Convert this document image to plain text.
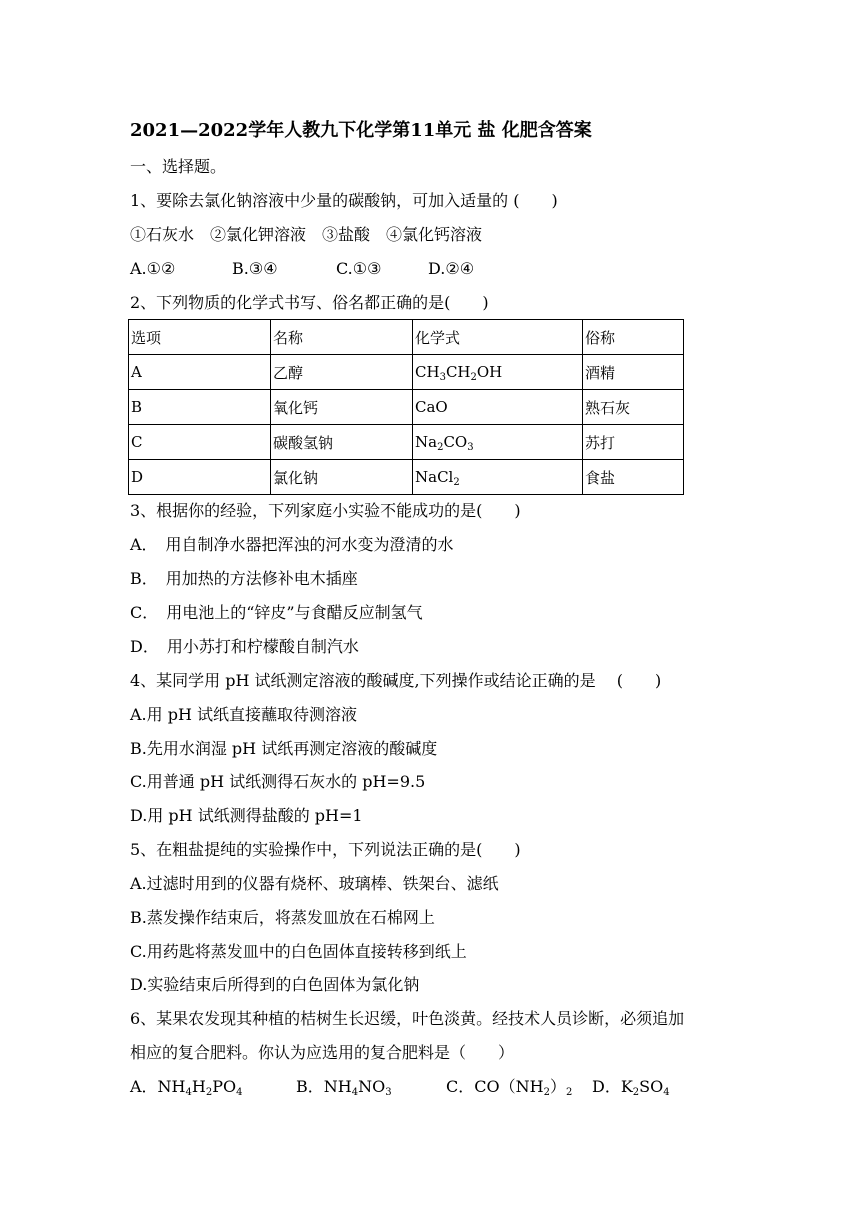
2021—2022学年人教九下化学第11单元 盐 化肥含答案
一、选择题。
1、要除去氯化钠溶液中少量的碳酸钠，可加入适量的 (　　)
①石灰水　②氯化钾溶液　③盐酸　④氯化钙溶液
A.①②	B.③④	C.①③	D.②④
2、下列物质的化学式书写、俗名都正确的是(　　)
选项	名称	化学式	俗称
A	乙醇	$CH_3CH_2OH$	酒精
B	氧化钙	CaO	熟石灰
C	碳酸氢钠	$Na_2CO_3$	苏打
D	氯化钠	NaCl$_2$	食盐
3、根据你的经验，下列家庭小实验不能成功的是(　　)
A．　用自制净水器把浑浊的河水变为澄清的水
B．　用加热的方法修补电木插座
C．　用电池上的“锌皮”与食醋反应制氢气
D．　用小苏打和柠檬酸自制汽水
4、某同学用 pH 试纸测定溶液的酸碱度,下列操作或结论正确的是　 (　　)
A.用 pH 试纸直接蘸取待测溶液
B.先用水润湿 pH 试纸再测定溶液的酸碱度
C.用普通 pH 试纸测得石灰水的 pH=9.5
D.用 pH 试纸测得盐酸的 pH=1
5、在粗盐提纯的实验操作中，下列说法正确的是(　　)
A.过滤时用到的仪器有烧杯、玻璃棒、铁架台、滤纸
B.蒸发操作结束后，将蒸发皿放在石棉网上
C.用药匙将蒸发皿中的白色固体直接转移到纸上
D.实验结束后所得到的白色固体为氯化钠
6、某果农发现其种植的桔树生长迟缓，叶色淡黄。经技术人员诊断，必须追加
相应的复合肥料。你认为应选用的复合肥料是（　　）
A．$NH_4H_2PO_4$	B．$NH_4NO_3$	C．$CO(NH_2)_2$ D．$K_2SO_4$
